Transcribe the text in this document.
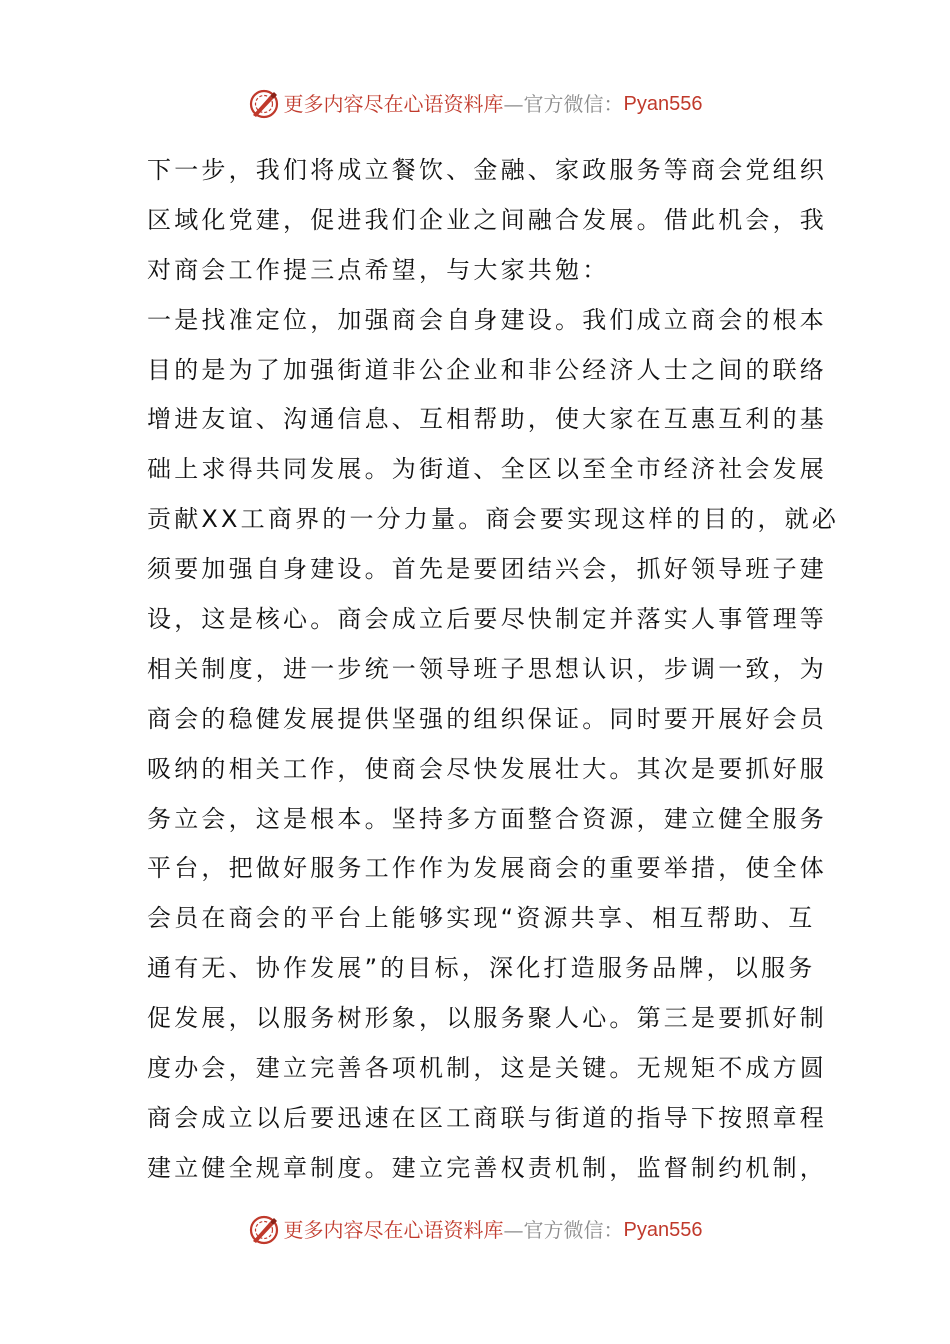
更多内容尽在心语资料库 — 官方微信： Pyan556
下一步，我们将成立餐饮、金融、家政服务等商会党组织
区域化党建，促进我们企业之间融合发展。借此机会，我
对商会工作提三点希望，与大家共勉：
一是找准定位，加强商会自身建设。我们成立商会的根本
目的是为了加强街道非公企业和非公经济人士之间的联络
增进友谊、沟通信息、互相帮助，使大家在互惠互利的基
础上求得共同发展。为街道、全区以至全市经济社会发展
贡献XX工商界的一分力量。商会要实现这样的目的，就必
须要加强自身建设。首先是要团结兴会，抓好领导班子建
设，这是核心。商会成立后要尽快制定并落实人事管理等
相关制度，进一步统一领导班子思想认识，步调一致，为
商会的稳健发展提供坚强的组织保证。同时要开展好会员
吸纳的相关工作，使商会尽快发展壮大。其次是要抓好服
务立会，这是根本。坚持多方面整合资源，建立健全服务
平台，把做好服务工作作为发展商会的重要举措，使全体
会员在商会的平台上能够实现“资源共享、相互帮助、互
通有无、协作发展”的目标，深化打造服务品牌，以服务
促发展，以服务树形象，以服务聚人心。第三是要抓好制
度办会，建立完善各项机制，这是关键。无规矩不成方圆
商会成立以后要迅速在区工商联与街道的指导下按照章程
建立健全规章制度。建立完善权责机制，监督制约机制，
更多内容尽在心语资料库 — 官方微信： Pyan556
